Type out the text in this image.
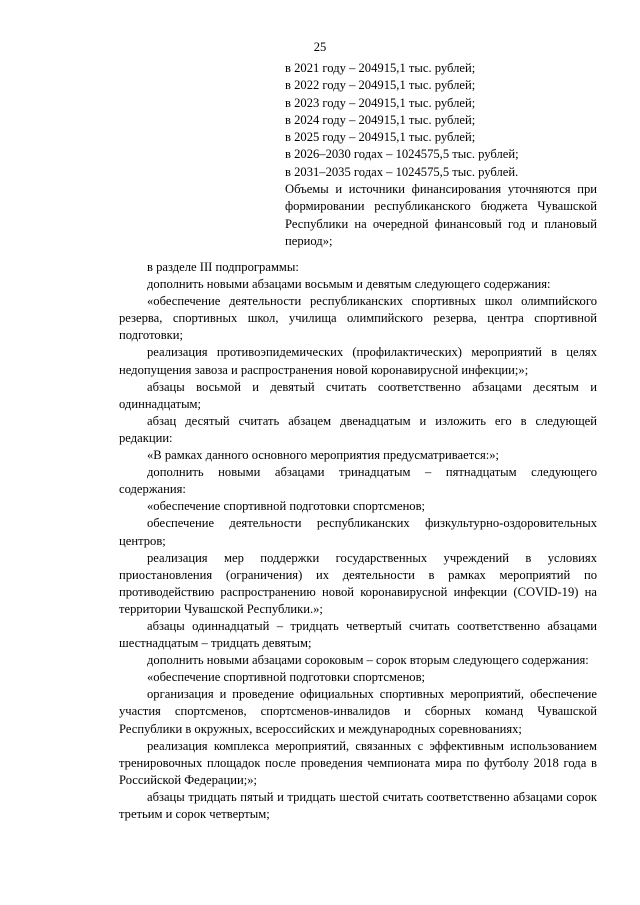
25
в 2021 году – 204915,1 тыс. рублей;
в 2022 году – 204915,1 тыс. рублей;
в 2023 году – 204915,1 тыс. рублей;
в 2024 году – 204915,1 тыс. рублей;
в 2025 году – 204915,1 тыс. рублей;
в 2026–2030 годах – 1024575,5 тыс. рублей;
в 2031–2035 годах – 1024575,5 тыс. рублей.
Объемы и источники финансирования уточняются при формировании республиканского бюджета Чувашской Республики на очередной финансовый год и плановый период»;

в разделе III подпрограммы:

дополнить новыми абзацами восьмым и девятым следующего содержания:

«обеспечение деятельности республиканских спортивных школ олимпийского резерва, спортивных школ, училища олимпийского резерва, центра спортивной подготовки;

реализация противоэпидемических (профилактических) мероприятий в целях недопущения завоза и распространения новой коронавирусной инфекции;»;

абзацы восьмой и девятый считать соответственно абзацами десятым и одиннадцатым;

абзац десятый считать абзацем двенадцатым и изложить его в следующей редакции:

«В рамках данного основного мероприятия предусматривается:»;

дополнить новыми абзацами тринадцатым – пятнадцатым следующего содержания:

«обеспечение спортивной подготовки спортсменов;

обеспечение деятельности республиканских физкультурно-оздоровительных центров;

реализация мер поддержки государственных учреждений в условиях приостановления (ограничения) их деятельности в рамках мероприятий по противодействию распространению новой коронавирусной инфекции (COVID-19) на территории Чувашской Республики.»;

абзацы одиннадцатый – тридцать четвертый считать соответственно абзацами шестнадцатым – тридцать девятым;

дополнить новыми абзацами сороковым – сорок вторым следующего содержания:

«обеспечение спортивной подготовки спортсменов;

организация и проведение официальных спортивных мероприятий, обеспечение участия спортсменов, спортсменов-инвалидов и сборных команд Чувашской Республики в окружных, всероссийских и международных соревнованиях;

реализация комплекса мероприятий, связанных с эффективным использованием тренировочных площадок после проведения чемпионата мира по футболу 2018 года в Российской Федерации;»;

абзацы тридцать пятый и тридцать шестой считать соответственно абзацами сорок третьим и сорок четвертым;
